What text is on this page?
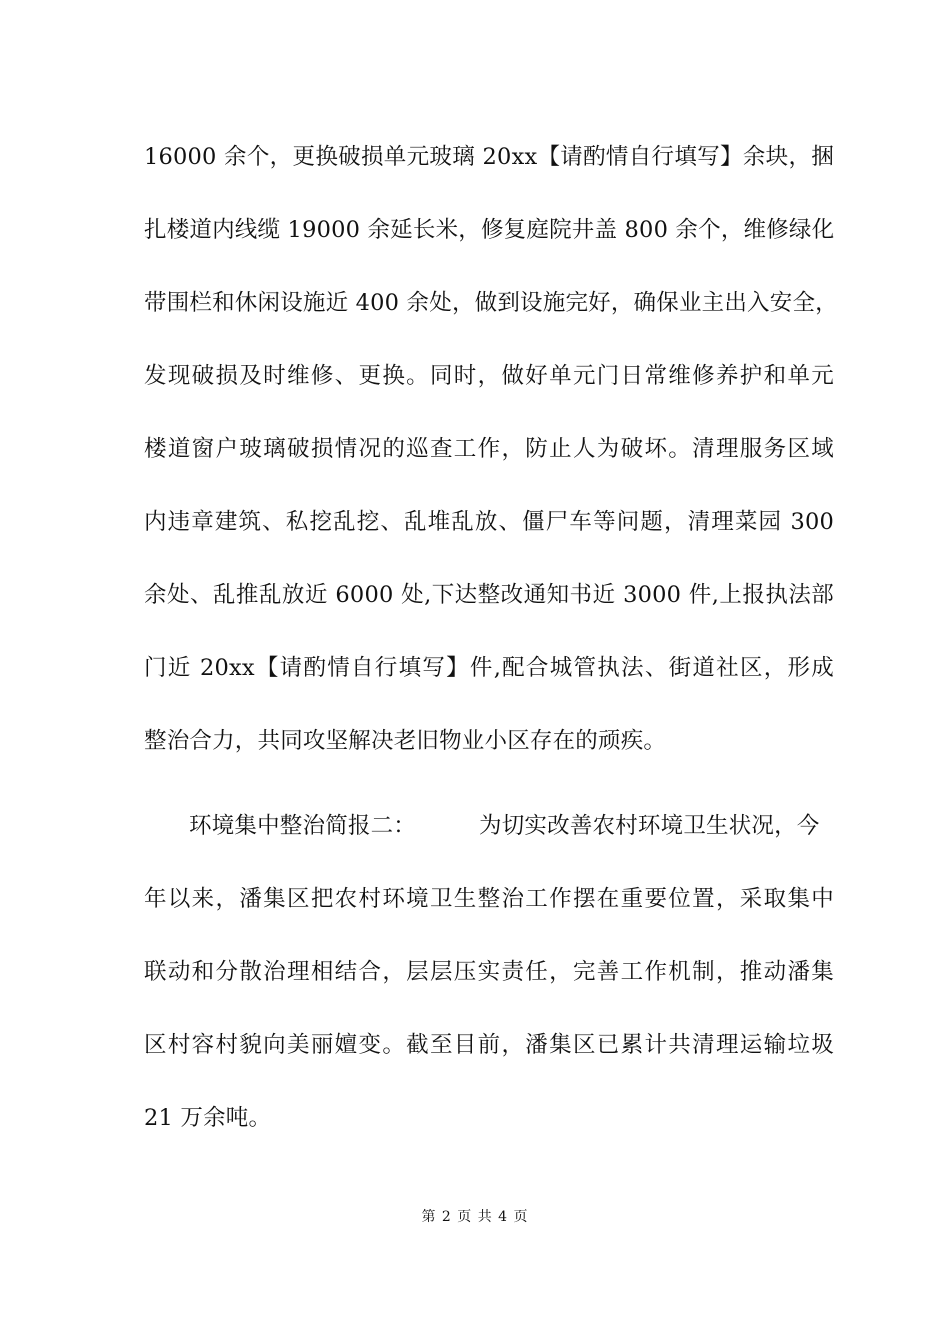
16000 余个，更换破损单元玻璃 20xx【请酌情自行填写】余块，捆
扎楼道内线缆 19000 余延长米，修复庭院井盖 800 余个，维修绿化
带围栏和休闲设施近 400 余处，做到设施完好，确保业主出入安全，
发现破损及时维修、更换。同时，做好单元门日常维修养护和单元
楼道窗户玻璃破损情况的巡查工作，防止人为破坏。清理服务区域
内违章建筑、私挖乱挖、乱堆乱放、僵尸车等问题，清理菜园 300
余处、乱推乱放近 6000 处,下达整改通知书近 3000 件,上报执法部
门近 20xx【请酌情自行填写】件,配合城管执法、街道社区，形成
整治合力，共同攻坚解决老旧物业小区存在的顽疾。
环境集中整治简报二：	为切实改善农村环境卫生状况，今
年以来，潘集区把农村环境卫生整治工作摆在重要位置，采取集中
联动和分散治理相结合，层层压实责任，完善工作机制，推动潘集
区村容村貌向美丽嬗变。截至目前，潘集区已累计共清理运输垃圾
21 万余吨。
第 2 页 共 4 页
